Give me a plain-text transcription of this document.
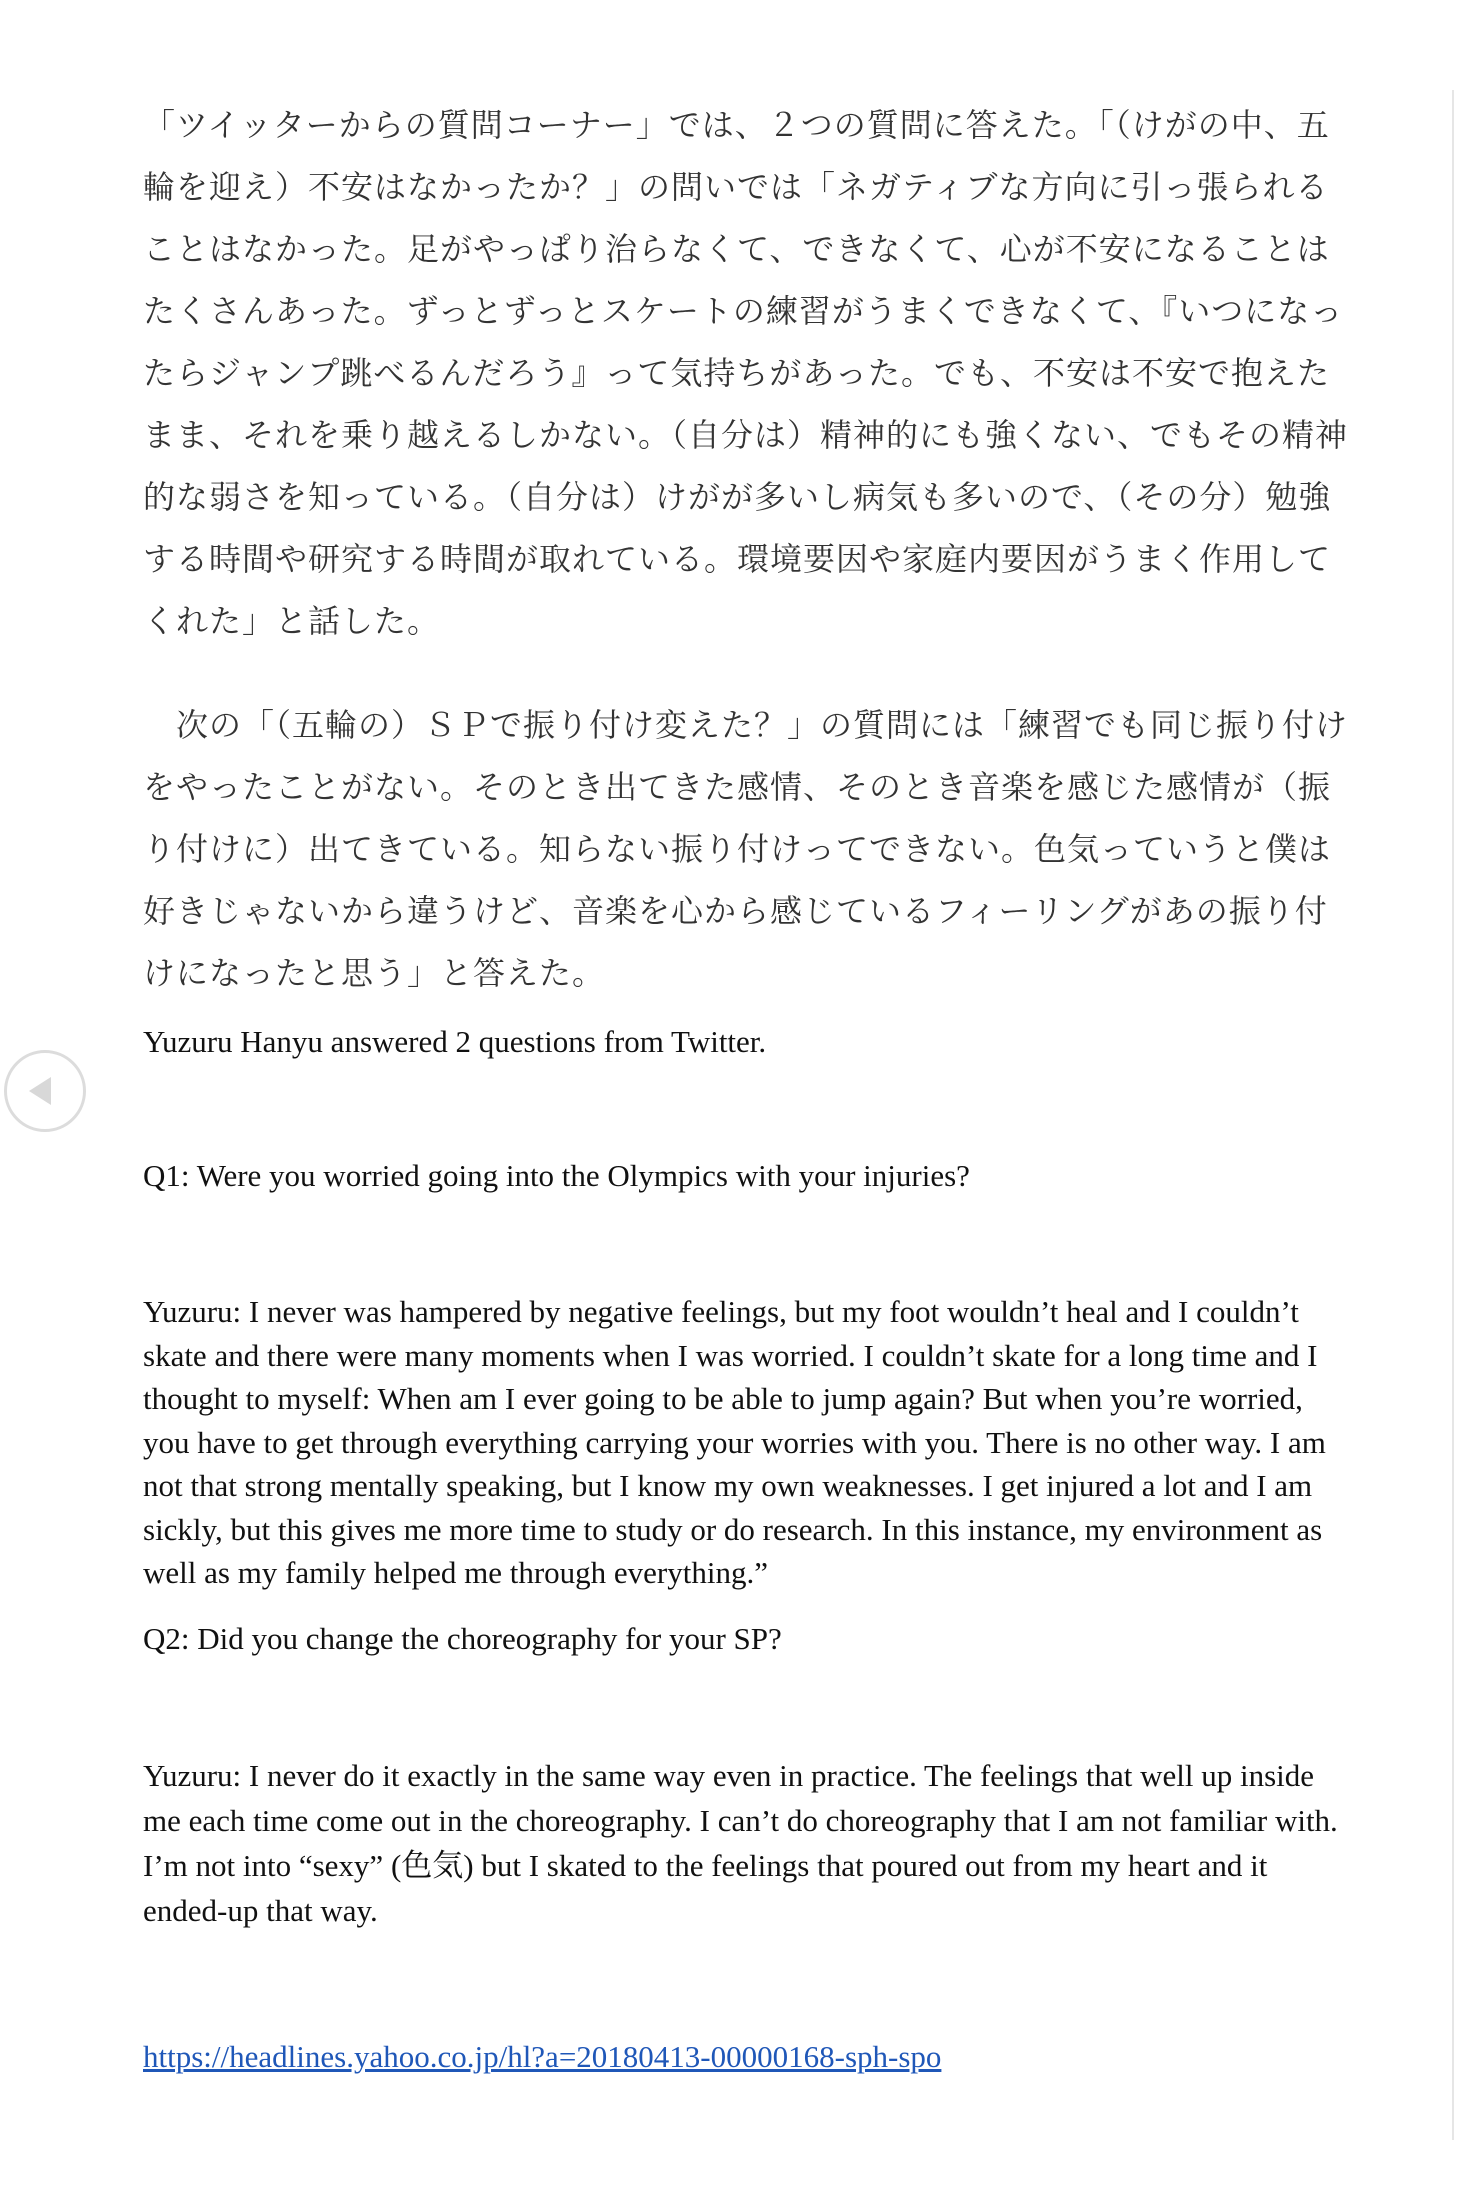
「ツイッターからの質問コーナー」では、２つの質問に答えた。「（けがの中、五輪を迎え）不安はなかったか？」の問いでは「ネガティブな方向に引っ張られることはなかった。足がやっぱり治らなくて、できなくて、心が不安になることはたくさんあった。ずっとずっとスケートの練習がうまくできなくて、『いつになったらジャンプ跳べるんだろう』って気持ちがあった。でも、不安は不安で抱えたまま、それを乗り越えるしかない。（自分は）精神的にも強くない、でもその精神的な弱さを知っている。（自分は）けがが多いし病気も多いので、（その分）勉強する時間や研究する時間が取れている。環境要因や家庭内要因がうまく作用してくれた」と話した。

　次の「（五輪の）ＳＰで振り付け変えた？」の質問には「練習でも同じ振り付けをやったことがない。そのとき出てきた感情、そのとき音楽を感じた感情が（振り付けに）出てきている。知らない振り付けってできない。色気っていうと僕は好きじゃないから違うけど、音楽を心から感じているフィーリングがあの振り付けになったと思う」と答えた。

Yuzuru Hanyu answered 2 questions from Twitter.

Q1: Were you worried going into the Olympics with your injuries?

Yuzuru: I never was hampered by negative feelings, but my foot wouldn’t heal and I couldn’t skate and there were many moments when I was worried. I couldn’t skate for a long time and I thought to myself: When am I ever going to be able to jump again? But when you’re worried, you have to get through everything carrying your worries with you. There is no other way. I am not that strong mentally speaking, but I know my own weaknesses. I get injured a lot and I am sickly, but this gives me more time to study or do research. In this instance, my environment as well as my family helped me through everything.”

Q2: Did you change the choreography for your SP?

Yuzuru: I never do it exactly in the same way even in practice. The feelings that well up inside me each time come out in the choreography. I can’t do choreography that I am not familiar with. I’m not into “sexy” (色気) but I skated to the feelings that poured out from my heart and it ended-up that way.

https://headlines.yahoo.co.jp/hl?a=20180413-00000168-sph-spo
